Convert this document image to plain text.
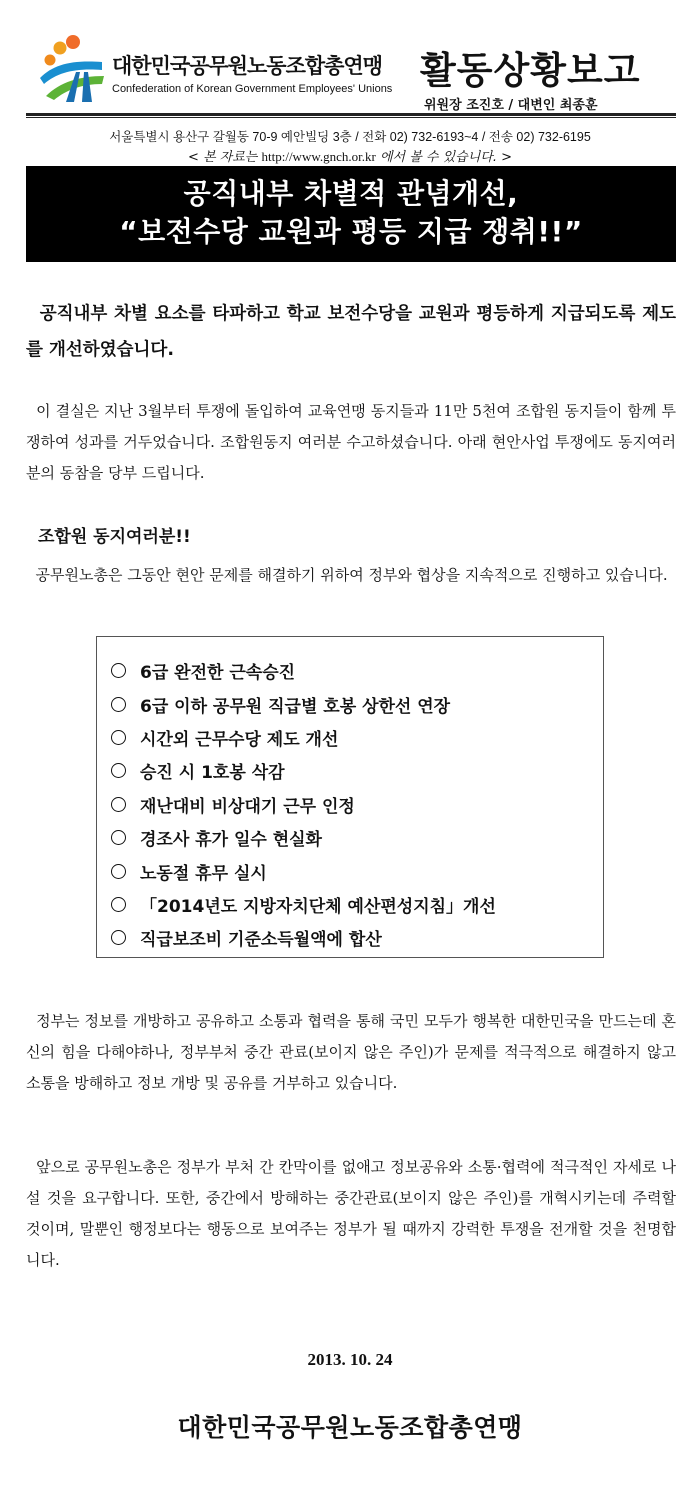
대한민국공무원노동조합총연맹
Confederation of Korean Government Employees' Unions 활동상황보고
위원장 조진호 / 대변인 최종훈
서울특별시 용산구 갈월동 70-9 예안빌딩 3층 / 전화 02) 732-6193~4 / 전송 02) 732-6195
< 본 자료는 http://www.gnch.or.kr 에서 볼 수 있습니다. >
공직내부 차별적 관념개선,
“보전수당 교원과 평등 지급 쟁취!!”
공직내부 차별 요소를 타파하고 학교 보전수당을 교원과 평등하게 지급되도록 제도를 개선하였습니다.
이 결실은 지난 3월부터 투쟁에 돌입하여 교육연맹 동지들과 11만 5천여 조합원 동지들이 함께 투쟁하여 성과를 거두었습니다. 조합원동지 여러분 수고하셨습니다. 아래 현안사업 투쟁에도 동지여러분의 동참을 당부 드립니다.
조합원 동지여러분!!
공무원노총은 그동안 현안 문제를 해결하기 위하여 정부와 협상을 지속적으로 진행하고 있습니다.
6급 완전한 근속승진
6급 이하 공무원 직급별 호봉 상한선 연장
시간외 근무수당 제도 개선
승진 시 1호봉 삭감
재난대비 비상대기 근무 인정
경조사 휴가 일수 현실화
노동절 휴무 실시
「2014년도 지방자치단체 예산편성지침」개선
직급보조비 기준소득월액에 합산
정부는 정보를 개방하고 공유하고 소통과 협력을 통해 국민 모두가 행복한 대한민국을 만드는데 혼신의 힘을 다해야하나, 정부부처 중간 관료(보이지 않은 주인)가 문제를 적극적으로 해결하지 않고 소통을 방해하고 정보 개방 및 공유를 거부하고 있습니다.
앞으로 공무원노총은 정부가 부처 간 칸막이를 없애고 정보공유와 소통·협력에 적극적인 자세로 나설 것을 요구합니다. 또한, 중간에서 방해하는 중간관료(보이지 않은 주인)를 개혁시키는데 주력할 것이며, 말뿐인 행정보다는 행동으로 보여주는 정부가 될 때까지 강력한 투쟁을 전개할 것을 천명합니다.
2013. 10. 24
대한민국공무원노동조합총연맹
